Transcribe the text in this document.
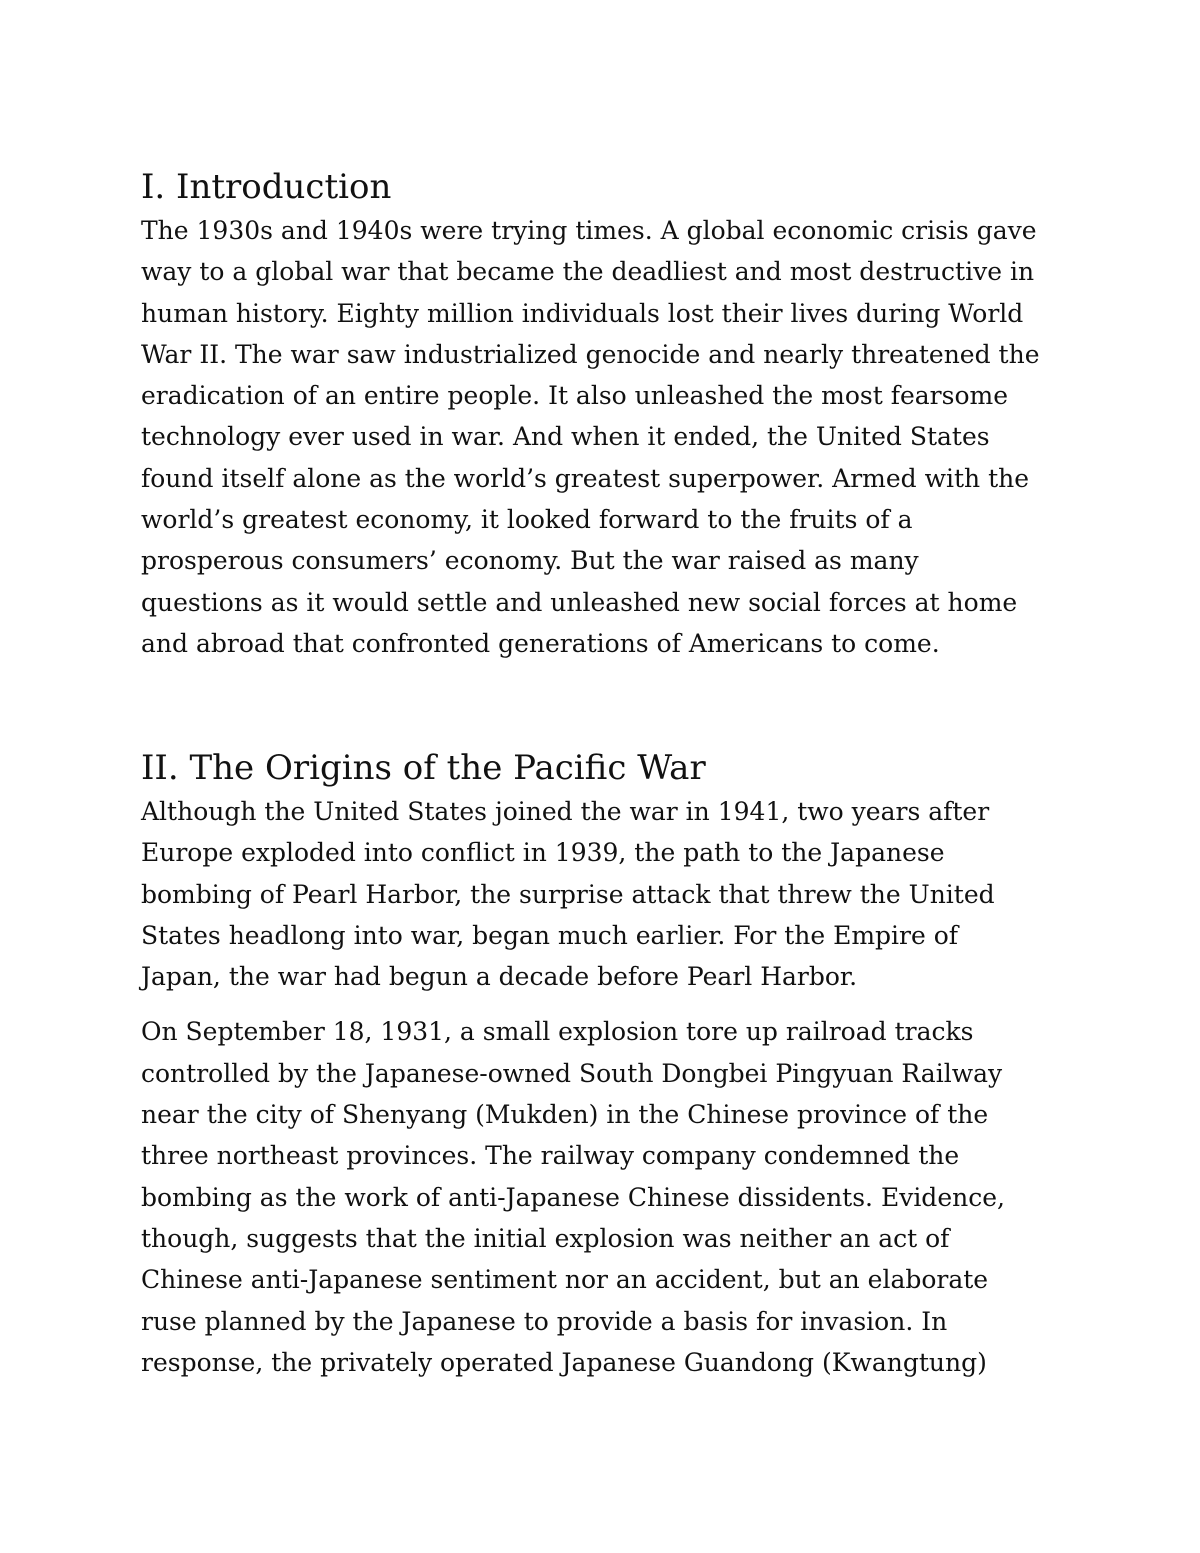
I. Introduction

The 1930s and 1940s were trying times. A global economic crisis gave
way to a global war that became the deadliest and most destructive in
human history. Eighty million individuals lost their lives during World
War II. The war saw industrialized genocide and nearly threatened the
eradication of an entire people. It also unleashed the most fearsome
technology ever used in war. And when it ended, the United States
found itself alone as the world’s greatest superpower. Armed with the
world’s greatest economy, it looked forward to the fruits of a
prosperous consumers’ economy. But the war raised as many
questions as it would settle and unleashed new social forces at home
and abroad that confronted generations of Americans to come.

II. The Origins of the Pacific War

Although the United States joined the war in 1941, two years after
Europe exploded into conflict in 1939, the path to the Japanese
bombing of Pearl Harbor, the surprise attack that threw the United
States headlong into war, began much earlier. For the Empire of
Japan, the war had begun a decade before Pearl Harbor.

On September 18, 1931, a small explosion tore up railroad tracks
controlled by the Japanese-owned South Dongbei Pingyuan Railway
near the city of Shenyang (Mukden) in the Chinese province of the
three northeast provinces. The railway company condemned the
bombing as the work of anti-Japanese Chinese dissidents. Evidence,
though, suggests that the initial explosion was neither an act of
Chinese anti-Japanese sentiment nor an accident, but an elaborate
ruse planned by the Japanese to provide a basis for invasion. In
response, the privately operated Japanese Guandong (Kwangtung)
